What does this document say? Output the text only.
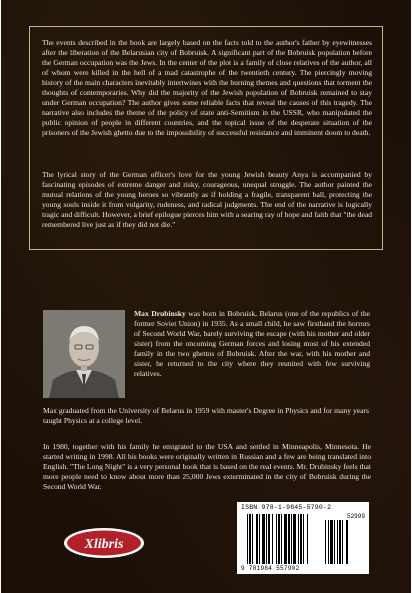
The events described in the book are largely based on the facts told to the author's father by eyewitnesses after the liberation of the Belarusian city of Bobruisk. A significant part of the Bobruisk population before the German occupation was the Jews. In the center of the plot is a family of close relatives of the author, all of whom were killed in the hell of a mad catastrophe of the twentieth century. The piercingly moving history of the main characters inevitably intertwines with the burning themes and questions that torment the thoughts of contemporaries. Why did the majority of the Jewish population of Bobruisk remained to stay under German occupation? The author gives some reliable facts that reveal the causes of this tragedy. The narrative also includes the theme of the policy of state anti-Semitism in the USSR, who manipulated the public opinion of people in different countries, and the topical issue of the desperate situation of the prisoners of the Jewish ghetto due to the impossibility of successful resistance and imminent doom to death.

The lyrical story of the German officer's love for the young Jewish beauty Anya is accompanied by fascinating episodes of extreme danger and risky, courageous, unequal struggle. The author painted the mutual relations of the young heroes so vibrantly as if holding a fragile, transparent ball, protecting the young souls inside it from vulgarity, rudeness, and radical judgments. The end of the narrative is logically tragic and difficult. However, a brief epilogue pierces him with a searing ray of hope and faith that "the dead remembered live just as if they did not die."

Max Drubinsky was born in Bobruisk, Belarus (one of the republics of the former Soviet Union) in 1935. As a small child, he saw firsthand the horrors of Second World War, barely surviving the escape (with his mother and older sister) from the oncoming German forces and losing most of his extended family in the two ghettos of Bobruisk. After the war, with his mother and sister, he returned to the city where they reunited with few surviving relatives.

Max graduated from the University of Belarus in 1959 with master's Degree in Physics and for many years taught Physics at a college level.

In 1980, together with his family he emigrated to the USA and settled in Minneapolis, Minnesota. He started writing in 1998. All his books were originally written in Russian and a few are being translated into English. "The Long Night" is a very personal book that is based on the real events. Mr. Drubinsky feels that more people need to know about more than 25,000 Jews exterminated in the city of Bobruisk during the Second World War.

Xlibris
ISBN 978-1-9845-5790-2
52999
9 781984 557902
